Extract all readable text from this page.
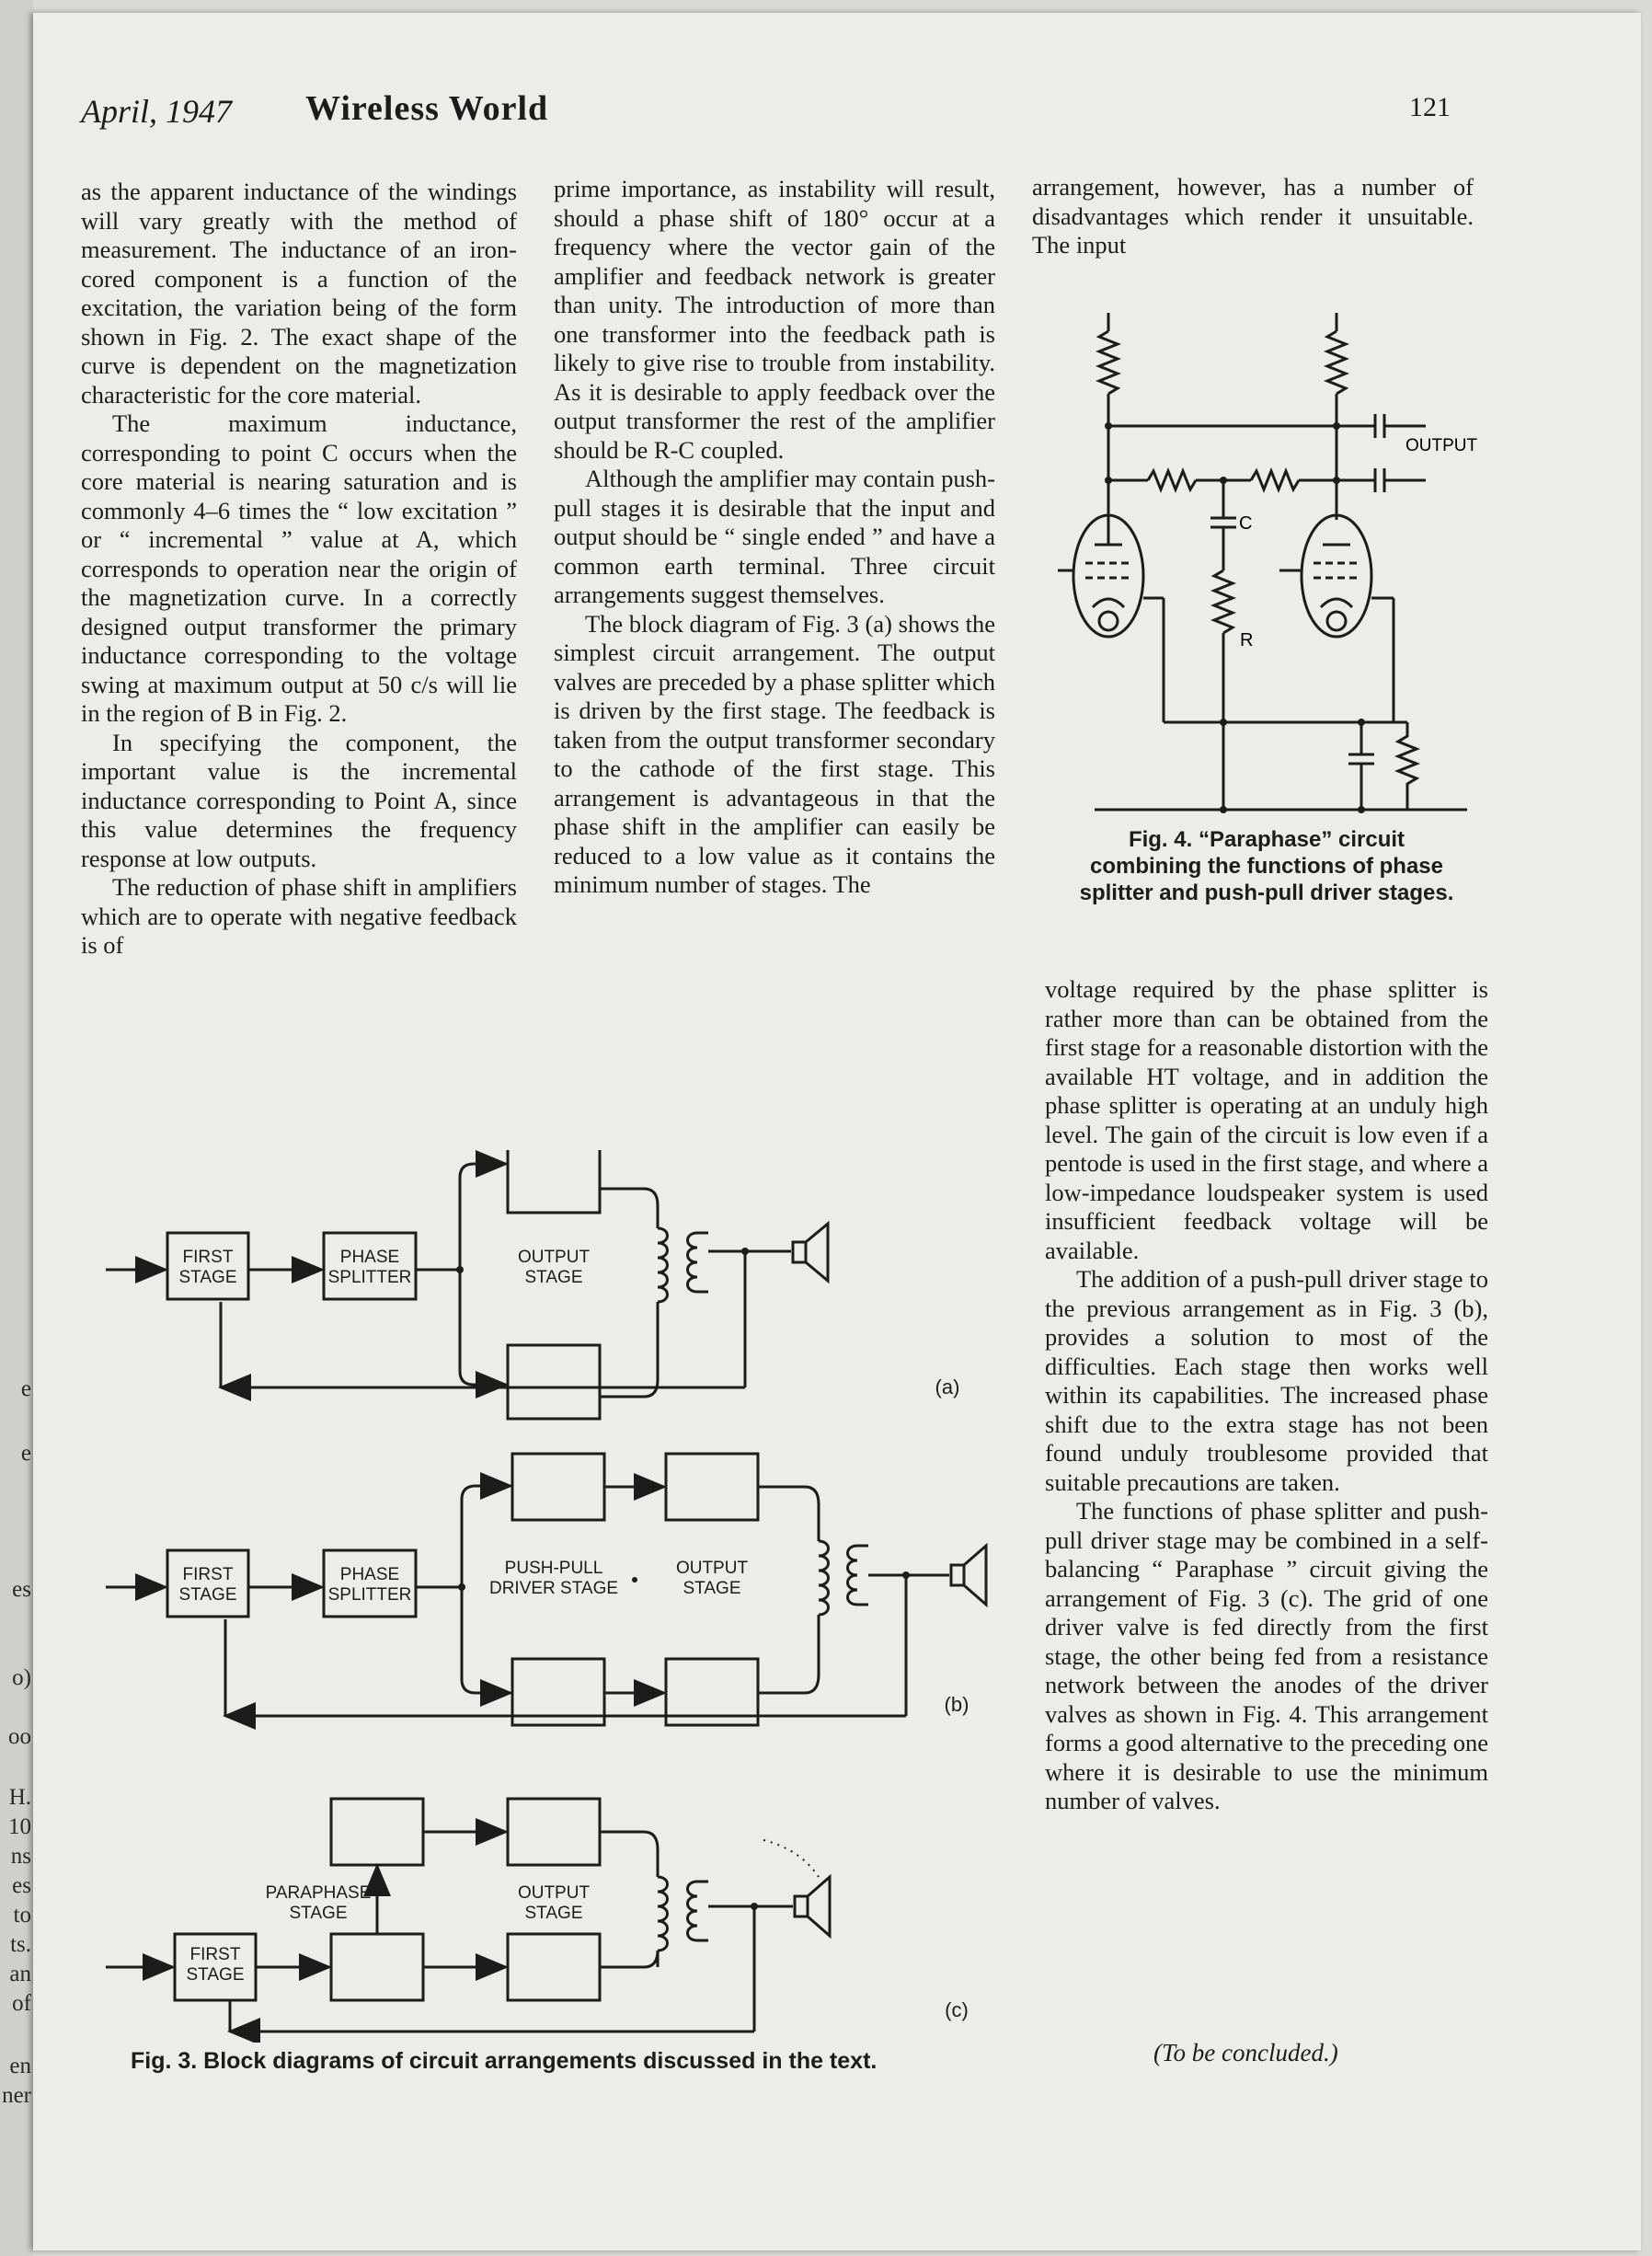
e
e
es
o)
oo
H.
10
ns
es
to
ts.
an
of
en
ner
April, 1947 Wireless World	121

as the apparent inductance of the windings will vary greatly with the method of measurement. The inductance of an iron-cored component is a function of the excitation, the variation being of the form shown in Fig. 2. The exact shape of the curve is dependent on the magnetization characteristic for the core material.

The maximum inductance, corresponding to point C occurs when the core material is nearing saturation and is commonly 4–6 times the “ low excitation ” or “ incremental ” value at A, which corresponds to operation near the origin of the magnetization curve. In a correctly designed output transformer the primary inductance corresponding to the voltage swing at maximum output at 50 c/s will lie in the region of B in Fig. 2.

In specifying the component, the important value is the incremental inductance corresponding to Point A, since this value determines the frequency response at low outputs.

The reduction of phase shift in amplifiers which are to operate with negative feedback is of

prime importance, as instability will result, should a phase shift of 180° occur at a frequency where the vector gain of the amplifier and feedback network is greater than unity. The introduction of more than one transformer into the feedback path is likely to give rise to trouble from instability. As it is desirable to apply feedback over the output transformer the rest of the amplifier should be R-C coupled.

Although the amplifier may contain push-pull stages it is desirable that the input and output should be “ single ended ” and have a common earth terminal. Three circuit arrangements suggest themselves.

The block diagram of Fig. 3 (a) shows the simplest circuit arrangement. The output valves are preceded by a phase splitter which is driven by the first stage. The feedback is taken from the output transformer secondary to the cathode of the first stage. This arrangement is advantageous in that the phase shift in the amplifier can easily be reduced to a low value as it contains the minimum number of stages. The

arrangement, however, has a number of disadvantages which render it unsuitable. The input

OUTPUT
C
R
Fig. 4. “Paraphase” circuit combining the functions of phase splitter and push-pull driver stages.

voltage required by the phase splitter is rather more than can be obtained from the first stage for a reasonable distortion with the available HT voltage, and in addition the phase splitter is operating at an unduly high level. The gain of the circuit is low even if a pentode is used in the first stage, and where a low-impedance loudspeaker system is used insufficient feedback voltage will be available.

The addition of a push-pull driver stage to the previous arrangement as in Fig. 3 (b), provides a solution to most of the difficulties. Each stage then works well within its capabilities. The increased phase shift due to the extra stage has not been found unduly troublesome provided that suitable precautions are taken.

The functions of phase splitter and push-pull driver stage may be combined in a self-balancing “ Paraphase ” circuit giving the arrangement of Fig. 3 (c). The grid of one driver valve is fed directly from the first stage, the other being fed from a resistance network between the anodes of the driver valves as shown in Fig. 4. This arrangement forms a good alternative to the preceding one where it is desirable to use the minimum number of valves.

(To be concluded.)
FIRST
STAGE
PHASE
SPLITTER
OUTPUT
STAGE
(a)
FIRST
STAGE
PHASE
SPLITTER
PUSH-PULL
DRIVER STAGE
OUTPUT
STAGE
(b)
FIRST
STAGE
PARAPHASE
STAGE
OUTPUT
STAGE
(c)
Fig. 3. Block diagrams of circuit arrangements discussed in the text.
